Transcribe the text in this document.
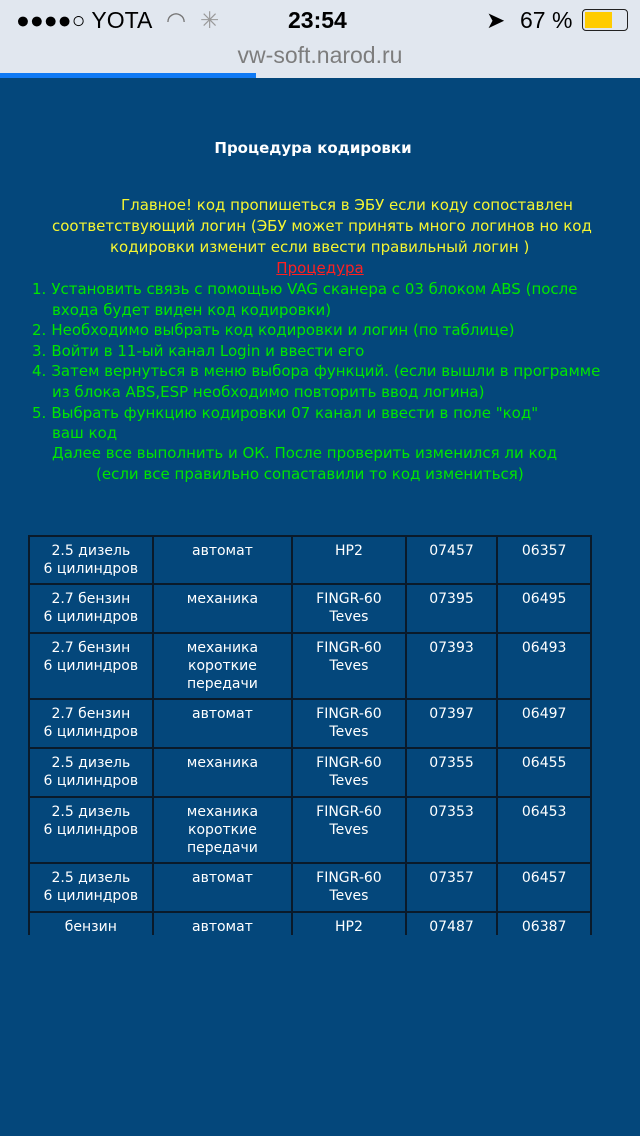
●●●●○ YOTA ◠ ✳	23:54	➤ 67 %
vw-soft.narod.ru
Процедура кодировки
Главное! код пропишеться в ЭБУ если коду сопоставлен
соответствующий логин (ЭБУ может принять много логинов но код
кодировки изменит если ввести правильный логин )
Процедура
1. Установить связь с помощью VAG сканера с 03 блоком ABS (после
входа будет виден код кодировки)
2. Необходимо выбрать код кодировки и логин (по таблице)
3. Войти в 11-ый канал Login и ввести его
4. Затем вернуться в меню выбора функций. (если вышли в программе
из блока ABS,ESP необходимо повторить ввод логина)
5. Выбрать функцию кодировки 07 канал и ввести в поле "код"
ваш код
Далее все выполнить и ОК. После проверить изменился ли код
(если все правильно сопаставили то код измениться)
2.5 дизель
6 цилиндров	автомат	HP2	07457	06357
2.7 бензин
6 цилиндров	механика	FINGR-60
Teves	07395	06495
2.7 бензин
6 цилиндров	механика
короткие
передачи	FINGR-60
Teves	07393	06493
2.7 бензин
6 цилиндров	автомат	FINGR-60
Teves	07397	06497
2.5 дизель
6 цилиндров	механика	FINGR-60
Teves	07355	06455
2.5 дизель
6 цилиндров	механика
короткие
передачи	FINGR-60
Teves	07353	06453
2.5 дизель
6 цилиндров	автомат	FINGR-60
Teves	07357	06457
бензин	автомат	HP2	07487	06387
